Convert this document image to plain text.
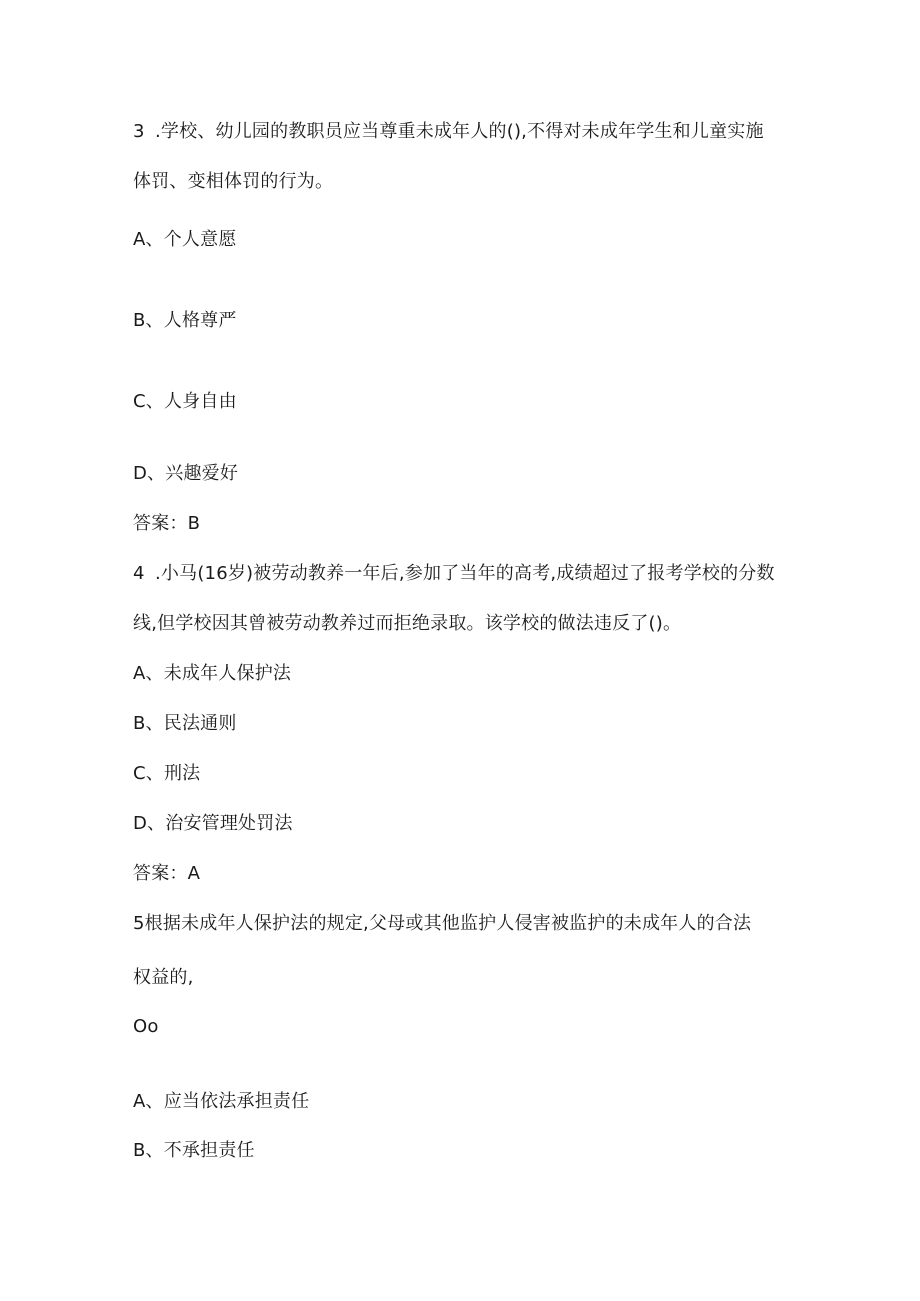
3 .学校、幼儿园的教职员应当尊重未成年人的(),不得对未成年学生和儿童实施
体罚、变相体罚的行为。
A、个人意愿
B、人格尊严
C、人身自由
D、兴趣爱好
答案：B
4 .小马(16岁)被劳动教养一年后,参加了当年的高考,成绩超过了报考学校的分数
线,但学校因其曾被劳动教养过而拒绝录取。该学校的做法违反了()。
A、未成年人保护法
B、民法通则
C、刑法
D、治安管理处罚法
答案：A
5根据未成年人保护法的规定,父母或其他监护人侵害被监护的未成年人的合法
权益的,
Oo
A、应当依法承担责任
B、不承担责任
